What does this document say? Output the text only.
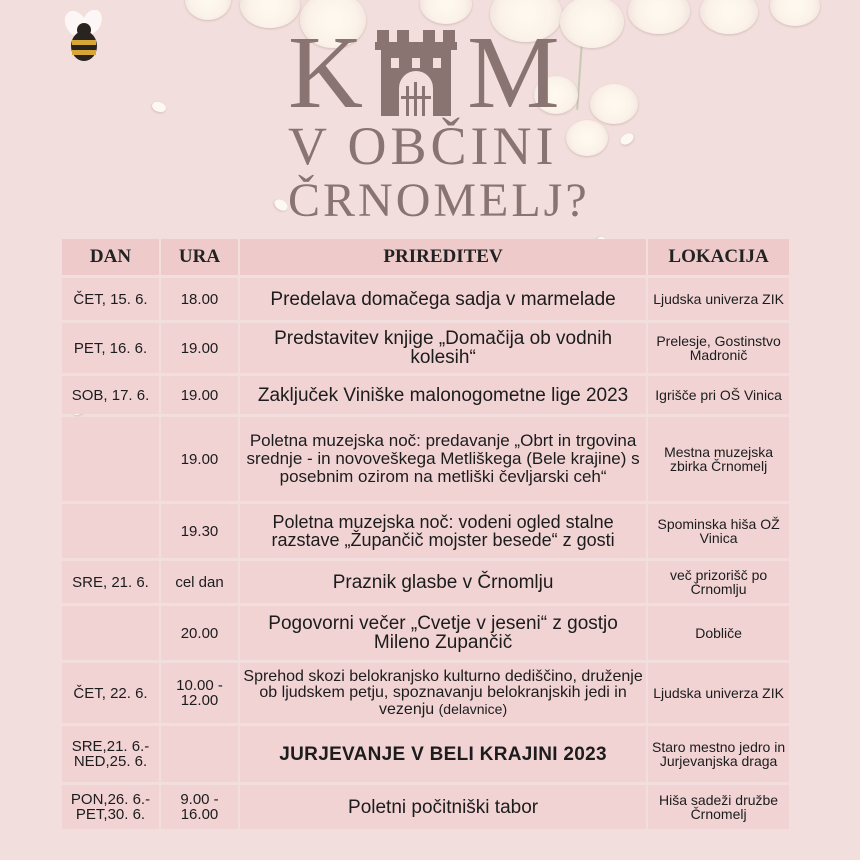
K M
V OBČINI
ČRNOMELJ?
DAN	URA	PRIREDITEV	LOKACIJA
ČET, 15. 6.	18.00	Predelava domačega sadja v marmelade	Ljudska univerza ZIK
PET, 16. 6.	19.00	Predstavitev knjige „Domačija ob vodnih kolesih“	Prelesje, Gostinstvo Madronič
SOB, 17. 6.	19.00	Zaključek Viniške malonogometne lige 2023	Igrišče pri OŠ Vinica
	19.00	Poletna muzejska noč: predavanje „Obrt in trgovina srednje - in novoveškega Metliškega (Bele krajine) s posebnim ozirom na metliški čevljarski ceh“	Mestna muzejska zbirka Črnomelj
	19.30	Poletna muzejska noč: vodeni ogled stalne razstave „Župančič mojster besede“ z gosti	Spominska hiša OŽ Vinica
SRE, 21. 6.	cel dan	Praznik glasbe v Črnomlju	več prizorišč po Črnomlju
	20.00	Pogovorni večer „Cvetje v jeseni“ z gostjo Mileno Zupančič	Dobliče
ČET, 22. 6.	10.00 - 12.00	Sprehod skozi belokranjsko kulturno dediščino, druženje ob ljudskem petju, spoznavanju belokranjskih jedi in vezenju (delavnice)	Ljudska univerza ZIK
SRE,21. 6.- NED,25. 6.		JURJEVANJE V BELI KRAJINI 2023	Staro mestno jedro in Jurjevanjska draga
PON,26. 6.- PET,30. 6.	9.00 - 16.00	Poletni počitniški tabor	Hiša sadeži družbe Črnomelj
